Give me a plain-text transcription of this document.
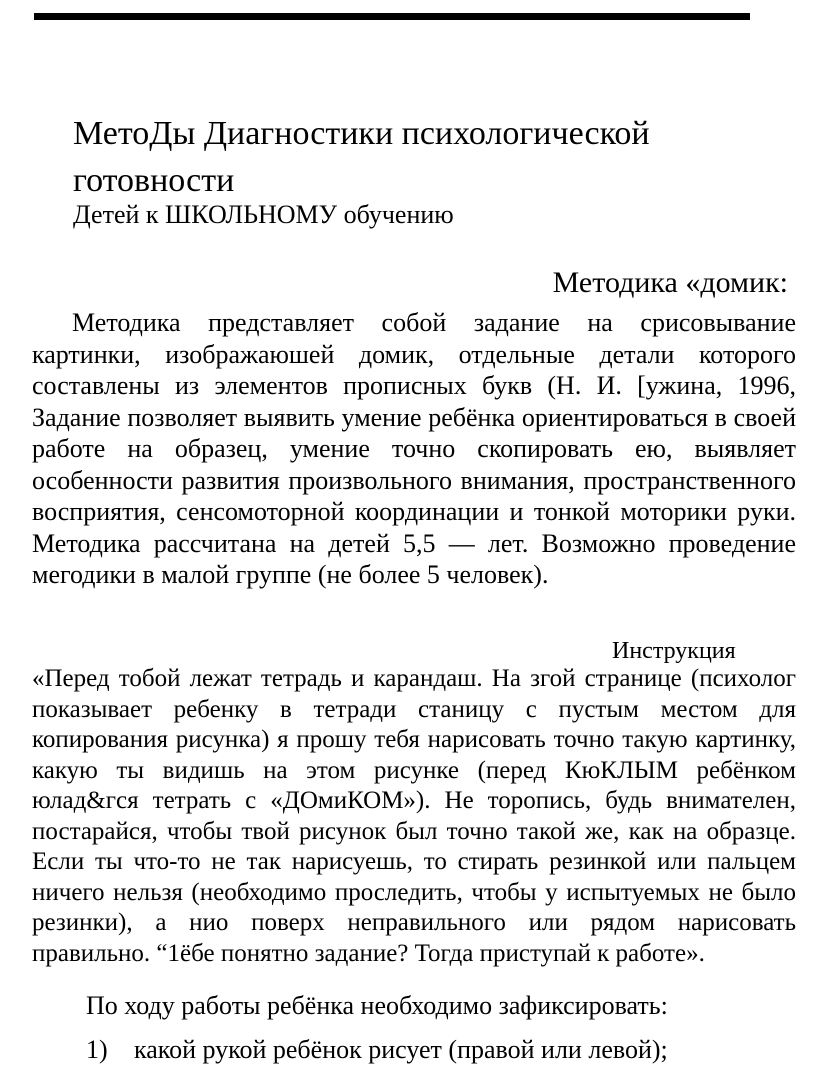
МетоДы Диагностики психологической готовности
Детей к ШКОЛЬНОМУ обучению
Методика «домик:

Методика представляет собой задание на срисовывание картинки, изображаюшей домик, отдельные детали которого составлены из элементов прописных букв (Н. И. [ужина, 1996, Задание позволяет выявить умение ребёнка ориентироваться в своей работе на образец, умение точно скопировать ею, выявляет особенности развития произвольного внимания, пространственного восприятия, сенсомоторной координации и тонкой моторики руки. Методика рассчитана на детей 5,5 — лет. Возможно проведение мегодики в малой группе (не более 5 человек).

Инструкция

«Перед тобой лежат тетрадь и карандаш. На згой странице (психолог показывает ребенку в тетради станицу с пустым местом для копирования рисунка) я прошу тебя нарисовать точно такую картинку, какую ты видишь на этом рисунке (перед КюКЛЫМ ребёнком юлад&гся тетрать с «ДОмиКОМ»). Не торопись, будь внимателен, постарайся, чтобы твой рисунок был точно такой же, как на образце. Если ты что-то не так нарисуешь, то стирать резинкой или пальцем ничего нельзя (необходимо проследить, чтобы у испытуемых не было резинки), а нио поверх неправильного или рядом нарисовать правильно. “1ёбе понятно задание? Тогда приступай к работе».

По ходу работы ребёнка необходимо зафиксировать:
1) какой рукой ребёнок рисует (правой или левой);
